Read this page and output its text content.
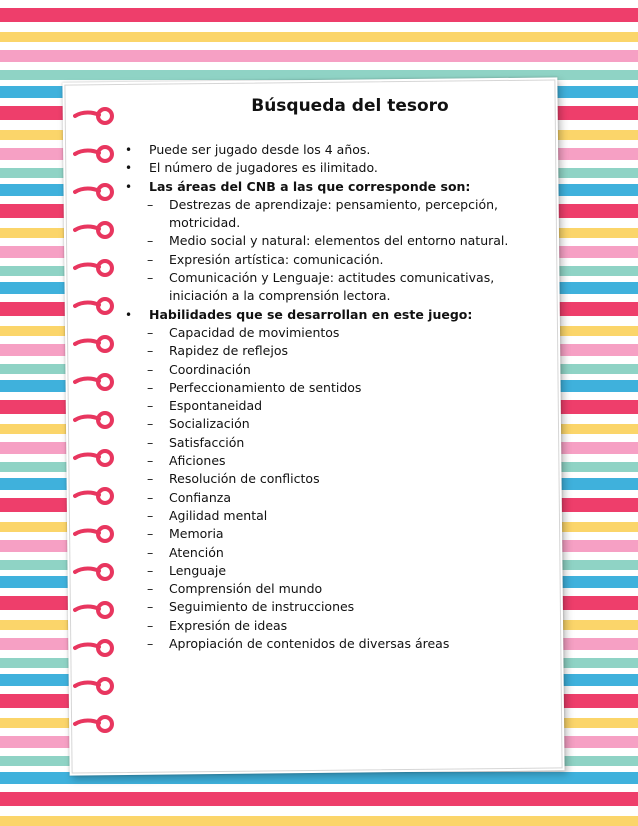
Búsqueda del tesoro
•	Puede ser jugado desde los 4 años.
•	El número de jugadores es ilimitado.
•	Las áreas del CNB a las que corresponde son:
– Destrezas de aprendizaje: pensamiento, percepción, motricidad.
– Medio social y natural: elementos del entorno natural.
– Expresión artística: comunicación.
– Comunicación y Lenguaje: actitudes comunicativas, iniciación a la comprensión lectora.
•	Habilidades que se desarrollan en este juego:
– Capacidad de movimientos
– Rapidez de reflejos
– Coordinación
– Perfeccionamiento de sentidos
– Espontaneidad
– Socialización
– Satisfacción
– Aficiones
– Resolución de conflictos
– Confianza
– Agilidad mental
– Memoria
– Atención
– Lenguaje
– Comprensión del mundo
– Seguimiento de instrucciones
– Expresión de ideas
– Apropiación de contenidos de diversas áreas
